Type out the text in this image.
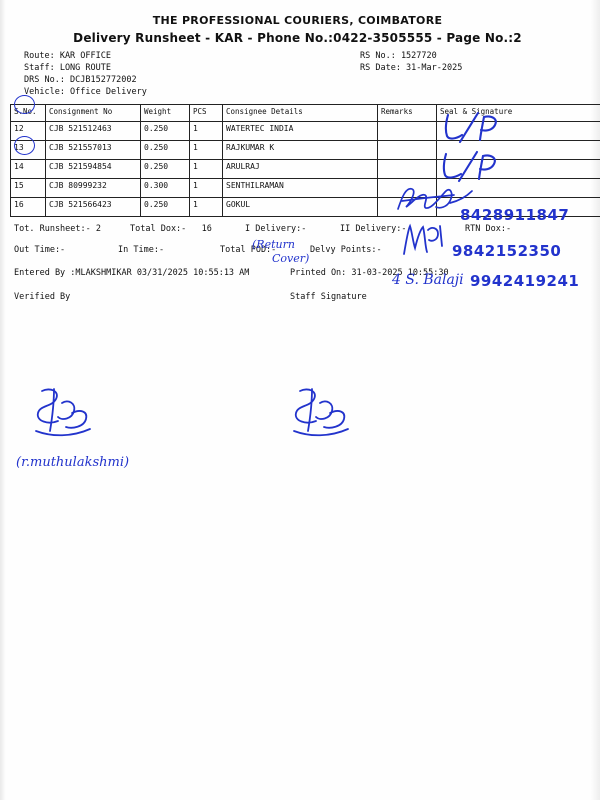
THE PROFESSIONAL COURIERS, COIMBATORE
Delivery Runsheet - KAR - Phone No.:0422-3505555 - Page No.:2
Route: KAR OFFICE
Staff: LONG ROUTE
DRS No.: DCJB152772002
Vehicle: Office Delivery
RS No.: 1527720
RS Date: 31-Mar-2025
S.No.	Consignment No	Weight	PCS	Consignee Details	Remarks	Seal & Signature
12	CJB 521512463	0.250	1	WATERTEC INDIA		
13	CJB 521557013	0.250	1	RAJKUMAR K		
14	CJB 521594854	0.250	1	ARULRAJ		
15	CJB 80999232	0.300	1	SENTHILRAMAN		
16	CJB 521566423	0.250	1	GOKUL		
Tot. Runsheet:- 2	Total Dox:-   16	I Delivery:-	II Delivery:-	RTN Dox:-
Out Time:-	In Time:-	Total POD:-	Delvy Points:-
Entered By :MLAKSHMIKAR 03/31/2025 10:55:13 AM	Printed On: 31-03-2025 10:55:30
Verified By	Staff Signature
8428911847
9842152350
(Return
Cover)
4 S. Balaji 9942419241
(r.muthulakshmi)
